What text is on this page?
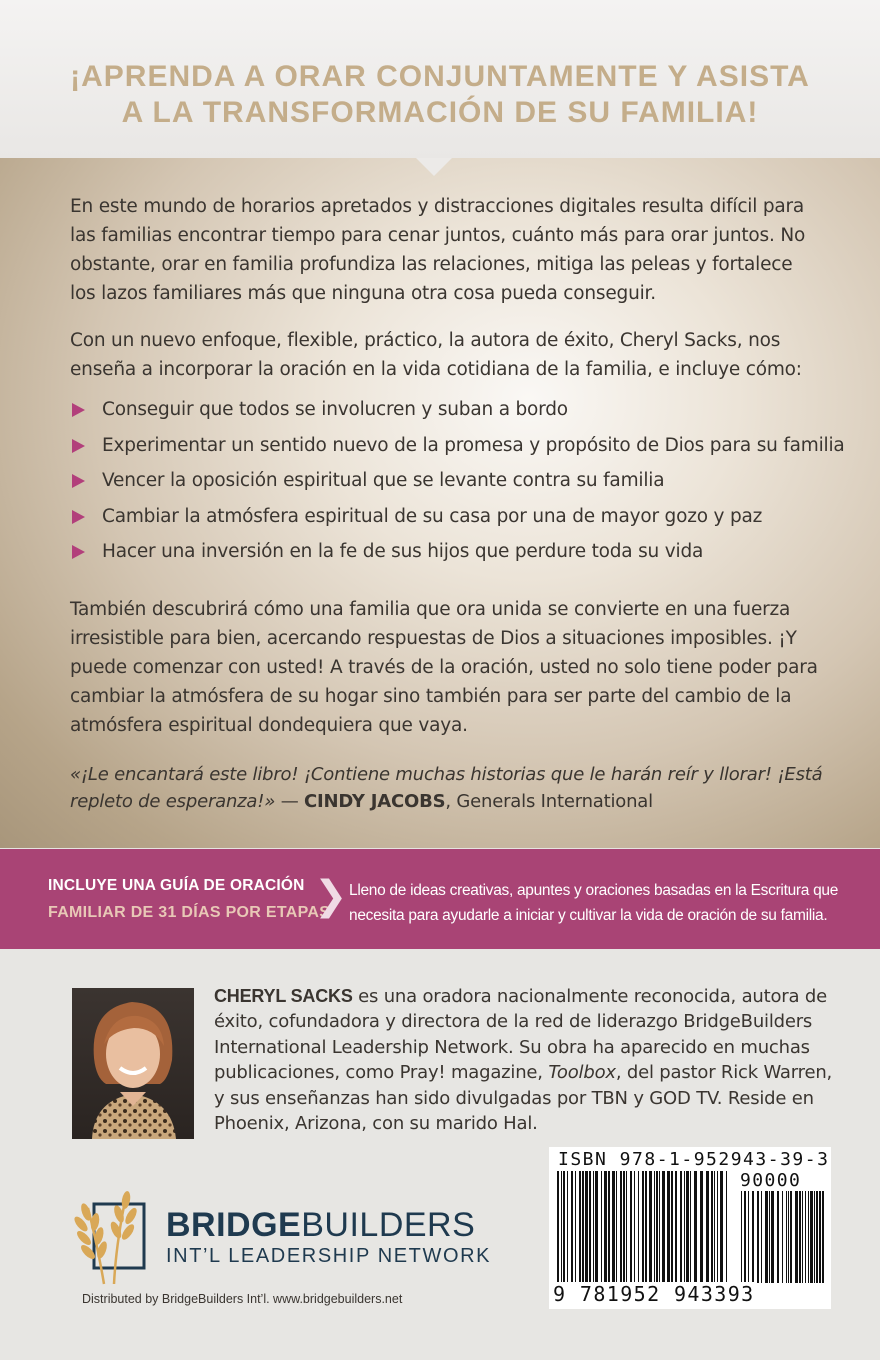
¡APRENDA A ORAR CONJUNTAMENTE Y ASISTA
A LA TRANSFORMACIÓN DE SU FAMILIA!
En este mundo de horarios apretados y distracciones digitales resulta difícil para las familias encontrar tiempo para cenar juntos, cuánto más para orar juntos. No obstante, orar en familia profundiza las relaciones, mitiga las peleas y fortalece los lazos familiares más que ninguna otra cosa pueda conseguir.
Con un nuevo enfoque, flexible, práctico, la autora de éxito, Cheryl Sacks, nos enseña a incorporar la oración en la vida cotidiana de la familia, e incluye cómo:
Conseguir que todos se involucren y suban a bordo
Experimentar un sentido nuevo de la promesa y propósito de Dios para su familia
Vencer la oposición espiritual que se levante contra su familia
Cambiar la atmósfera espiritual de su casa por una de mayor gozo y paz
Hacer una inversión en la fe de sus hijos que perdure toda su vida
También descubrirá cómo una familia que ora unida se convierte en una fuerza irresistible para bien, acercando respuestas de Dios a situaciones imposibles. ¡Y puede comenzar con usted! A través de la oración, usted no solo tiene poder para cambiar la atmósfera de su hogar sino también para ser parte del cambio de la atmósfera espiritual dondequiera que vaya.
«¡Le encantará este libro! ¡Contiene muchas historias que le harán reír y llorar! ¡Está repleto de esperanza!» — CINDY JACOBS, Generals International
INCLUYE UNA GUÍA DE ORACIÓN
FAMILIAR DE 31 DÍAS POR ETAPAS
❯ Lleno de ideas creativas, apuntes y oraciones basadas en la Escritura que necesita para ayudarle a iniciar y cultivar la vida de oración de su familia.
CHERYL SACKS es una oradora nacionalmente reconocida, autora de éxito, cofundadora y directora de la red de liderazgo BridgeBuilders International Leadership Network. Su obra ha aparecido en muchas publicaciones, como Pray! magazine, Toolbox, del pastor Rick Warren, y sus enseñanzas han sido divulgadas por TBN y GOD TV. Reside en Phoenix, Arizona, con su marido Hal.
ISBN 978-1-952943-39-3
90000
9 781952 943393
BRIDGEBUILDERS
INT’L LEADERSHIP NETWORK
Distributed by BridgeBuilders Int’l. www.bridgebuilders.net
